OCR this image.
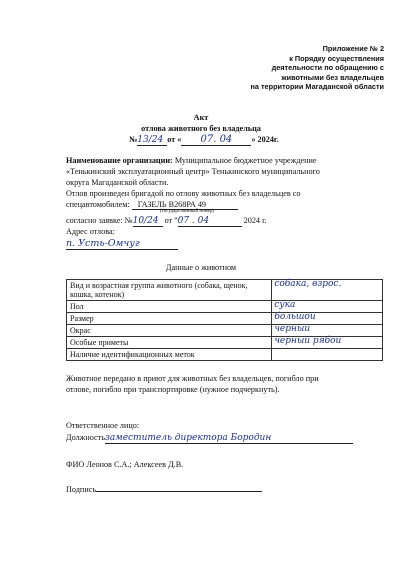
Приложение № 2
к Порядку осуществления
деятельности по обращению с
животными без владельцев
на территории Магаданской области
Акт
отлова животного без владельца
№13/24 от « 07. 04 » 2024г.
Наименование организации: Муниципальное бюджетное учреждение
«Тенькинский эксплуатационный центр» Тенькинского муниципального
округа Магаданской области.
Отлов произведен бригадой по отлову животных без владельцев со
спецавтомобилем: ГАЗЕЛЬ В268РА 49
(государственный номер)
согласно заявке: №10/24 от "07 . 04	2024 г.
Адрес отлова:
п. Усть-Омчуг
Данные о животном
Вид и возрастная группа животного (собака, щенок, кошка, котенок)	собака, взрос.
Пол	сука
Размер	большой
Окрас	черный
Особые приметы	черный рябой
Наличие идентификационных меток	
Животное передано в приют для животных без владельцев, погибло при
отлове, погибло при транспортировке (нужное подчеркнуть).
Ответственное лицо:
Должностьзаместитель директора Бородин
ФИО Леонов С.А.; Алексеев Д.В.
Подпись
